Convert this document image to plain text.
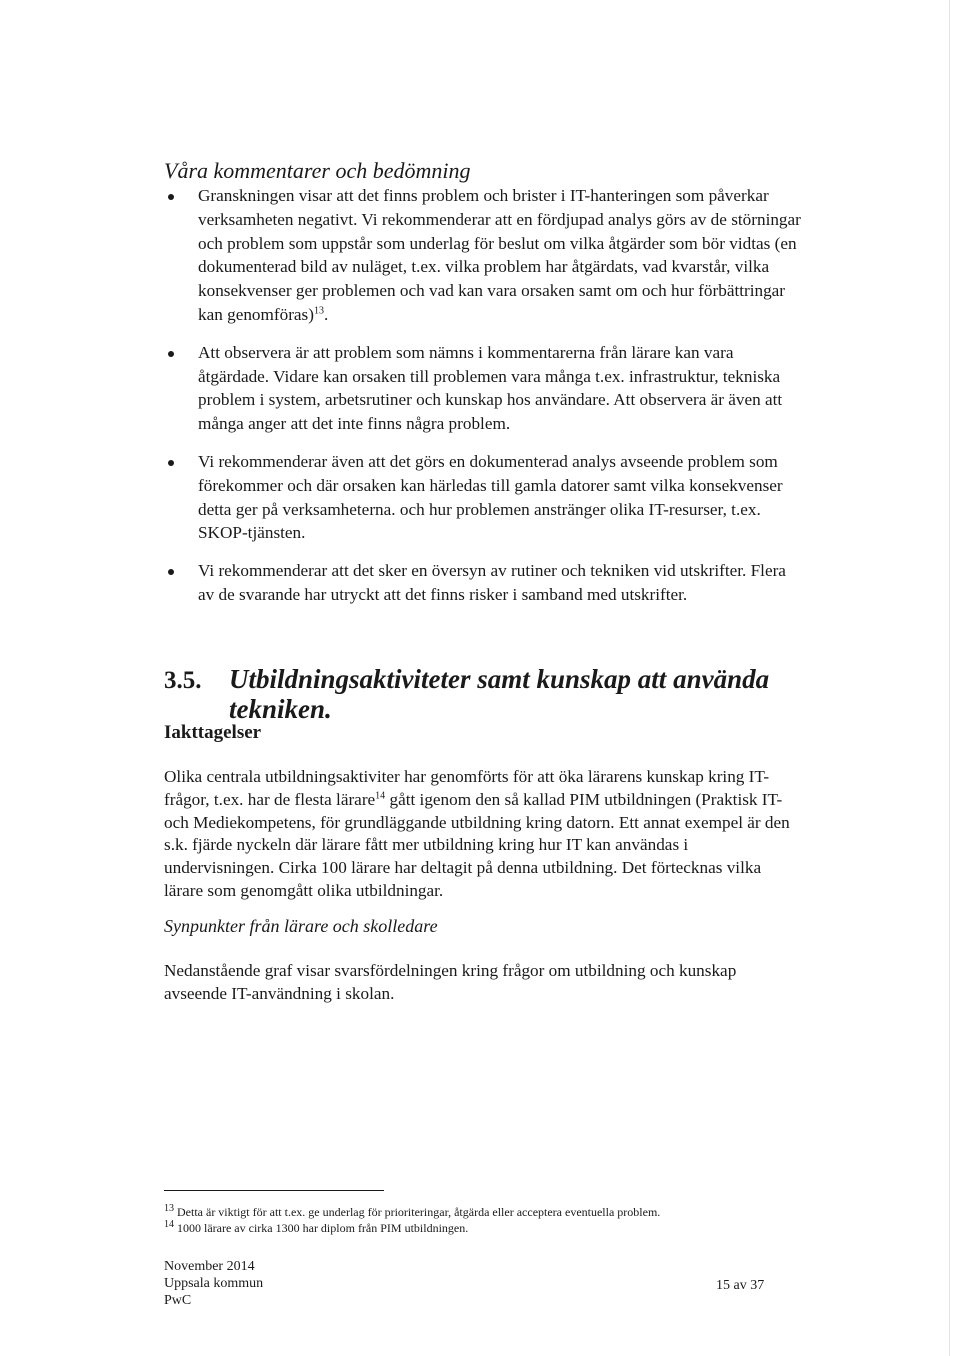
Våra kommentarer och bedömning
Granskningen visar att det finns problem och brister i IT-hanteringen som påverkar verksamheten negativt. Vi rekommenderar att en fördjupad analys görs av de störningar och problem som uppstår som underlag för beslut om vilka åtgärder som bör vidtas (en dokumenterad bild av nuläget, t.ex. vilka problem har åtgärdats, vad kvarstår, vilka konsekvenser ger problemen och vad kan vara orsaken samt om och hur förbättringar kan genomföras)$^{13}$.
Att observera är att problem som nämns i kommentarerna från lärare kan vara åtgärdade. Vidare kan orsaken till problemen vara många t.ex. infrastruktur, tekniska problem i system, arbetsrutiner och kunskap hos användare. Att observera är även att många anger att det inte finns några problem.
Vi rekommenderar även att det görs en dokumenterad analys avseende problem som förekommer och där orsaken kan härledas till gamla datorer samt vilka konsekvenser detta ger på verksamheterna. och hur problemen anstränger olika IT-resurser, t.ex. SKOP-tjänsten.
Vi rekommenderar att det sker en översyn av rutiner och tekniken vid utskrifter. Flera av de svarande har utryckt att det finns risker i samband med utskrifter.
3.5. Utbildningsaktiviteter samt kunskap att använda tekniken.
Iakttagelser

Olika centrala utbildningsaktiviter har genomförts för att öka lärarens kunskap kring IT-frågor, t.ex. har de flesta lärare$^{14}$ gått igenom den så kallad PIM utbildningen (Praktisk IT- och Mediekompetens, för grundläggande utbildning kring datorn. Ett annat exempel är den s.k. fjärde nyckeln där lärare fått mer utbildning kring hur IT kan användas i undervisningen. Cirka 100 lärare har deltagit på denna utbildning. Det förtecknas vilka lärare som genomgått olika utbildningar.

Synpunkter från lärare och skolledare

Nedanstående graf visar svarsfördelningen kring frågor om utbildning och kunskap avseende IT-användning i skolan.

$^{13}$ Detta är viktigt för att t.ex. ge underlag för prioriteringar, åtgärda eller acceptera eventuella problem.

$^{14}$ 1000 lärare av cirka 1300 har diplom från PIM utbildningen.

November 2014
Uppsala kommun
PwC
15 av 37
